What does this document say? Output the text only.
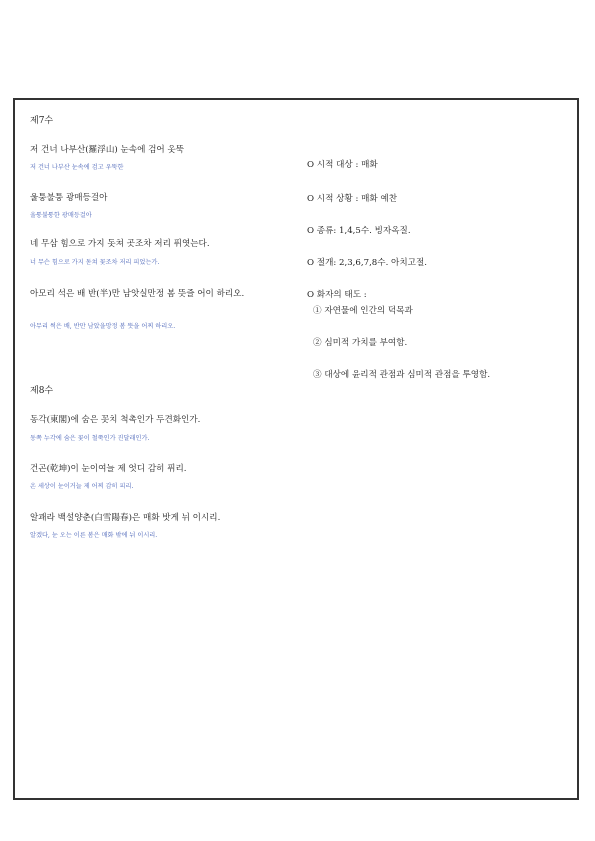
제7수
저 건너 나부산(羅浮山) 눈속에 검어 옷뚝
저 건너 나부산 눈속에 검고 우뚝한
울퉁불퉁 광매등걸아
울퉁불퉁한 광매등걸아
네 무삼 힘으로 가지 돗쳐 곳조차 저리 퓌엿는다.
너 무슨 힘으로 가지 돋쳐 꽃조차 저리 피었는가.
아모리 석은 배 반(半)만 남앗실만정 봄 뜻즐 어이 하리오.
아무리 썩은 배, 반만 남았을망정 봄 뜻을 어찌 하리오.
제8수
동각(東閣)에 숨은 꼿치 척촉인가 두견화인가.
동쪽 누각에 숨은 꽃이 철쭉인가 진달래인가.
건곤(乾坤)이 눈이여늘 제 엇디 감히 퓌리.
온 세상이 눈이거늘 제 어찌 감히 피리.
알괘라 백설양춘(白雪陽春)은 매화 밧게 뉘 이시리.
알겠다, 눈 오는 이른 봄은 매화 밖에 뉘 이시리.
O 시적 대상 : 매화
O 시적 상황 : 매화 예찬
O 종류: 1,4,5수. 빙자옥질.
O 절개: 2,3,6,7,8수. 아치고절.
O 화자의 태도 :
① 자연물에 인간의 덕목과
② 심미적 가치를 부여함.
③ 대상에 윤리적 관점과 심미적 관점을 투영함.
